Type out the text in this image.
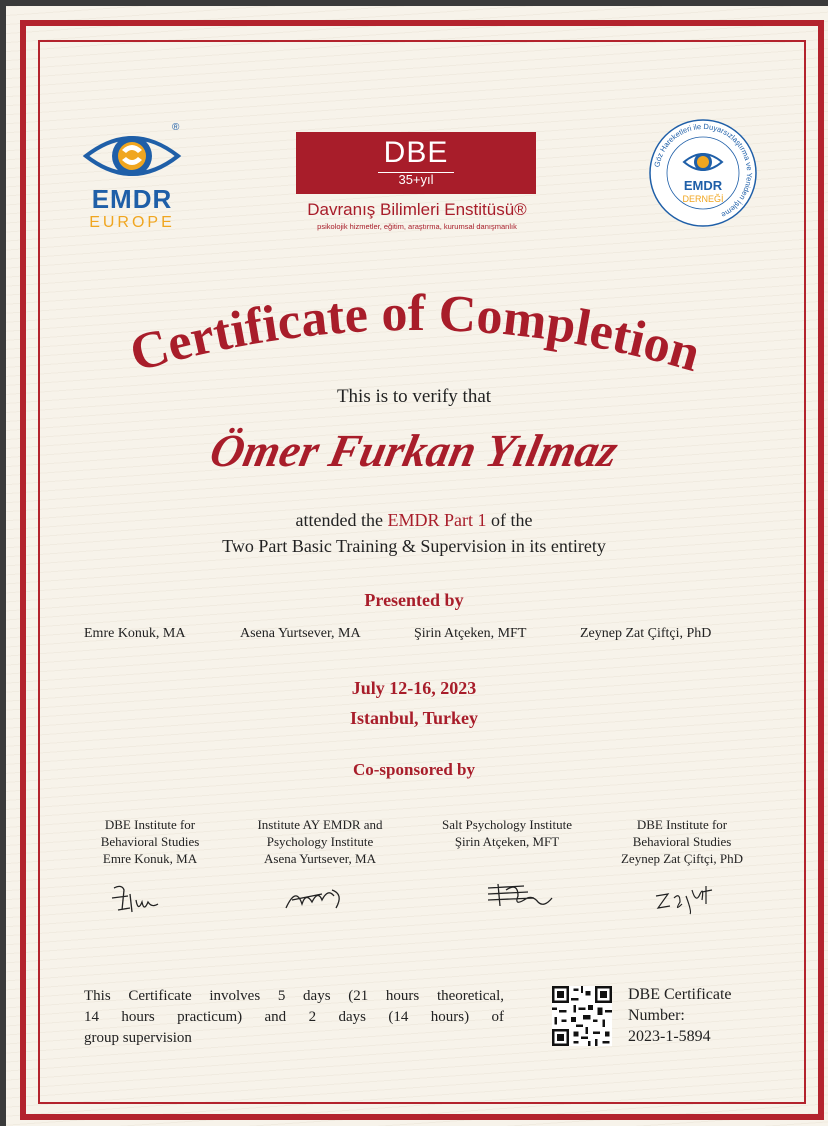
®
EMDR
EUROPE
DBE
35+yıl
Davranış Bilimleri Enstitüsü®
psikolojik hizmetler, eğitim, araştırma, kurumsal danışmanlık
Göz Hareketleri ile Duyarsızlaştırma ve Yeniden İşleme
EMDR
DERNEĞİ
Certificate of Completion
This is to verify that
Ömer Furkan Yılmaz
attended the EMDR Part 1 of the
Two Part Basic Training & Supervision in its entirety
Presented by
Emre Konuk, MA	Asena Yurtsever, MA	Şirin Atçeken, MFT	Zeynep Zat Çiftçi, PhD
July 12-16, 2023
Istanbul, Turkey
Co-sponsored by
DBE Institute for
Behavioral Studies
Emre Konuk, MA
Institute AY EMDR and
Psychology Institute
Asena Yurtsever, MA
Salt Psychology Institute
Şirin Atçeken, MFT
DBE Institute for
Behavioral Studies
Zeynep Zat Çiftçi, PhD
This Certificate involves 5 days (21 hours theoretical,
14 hours practicum) and 2 days (14 hours) of
group supervision
DBE Certificate
Number:
2023-1-5894
